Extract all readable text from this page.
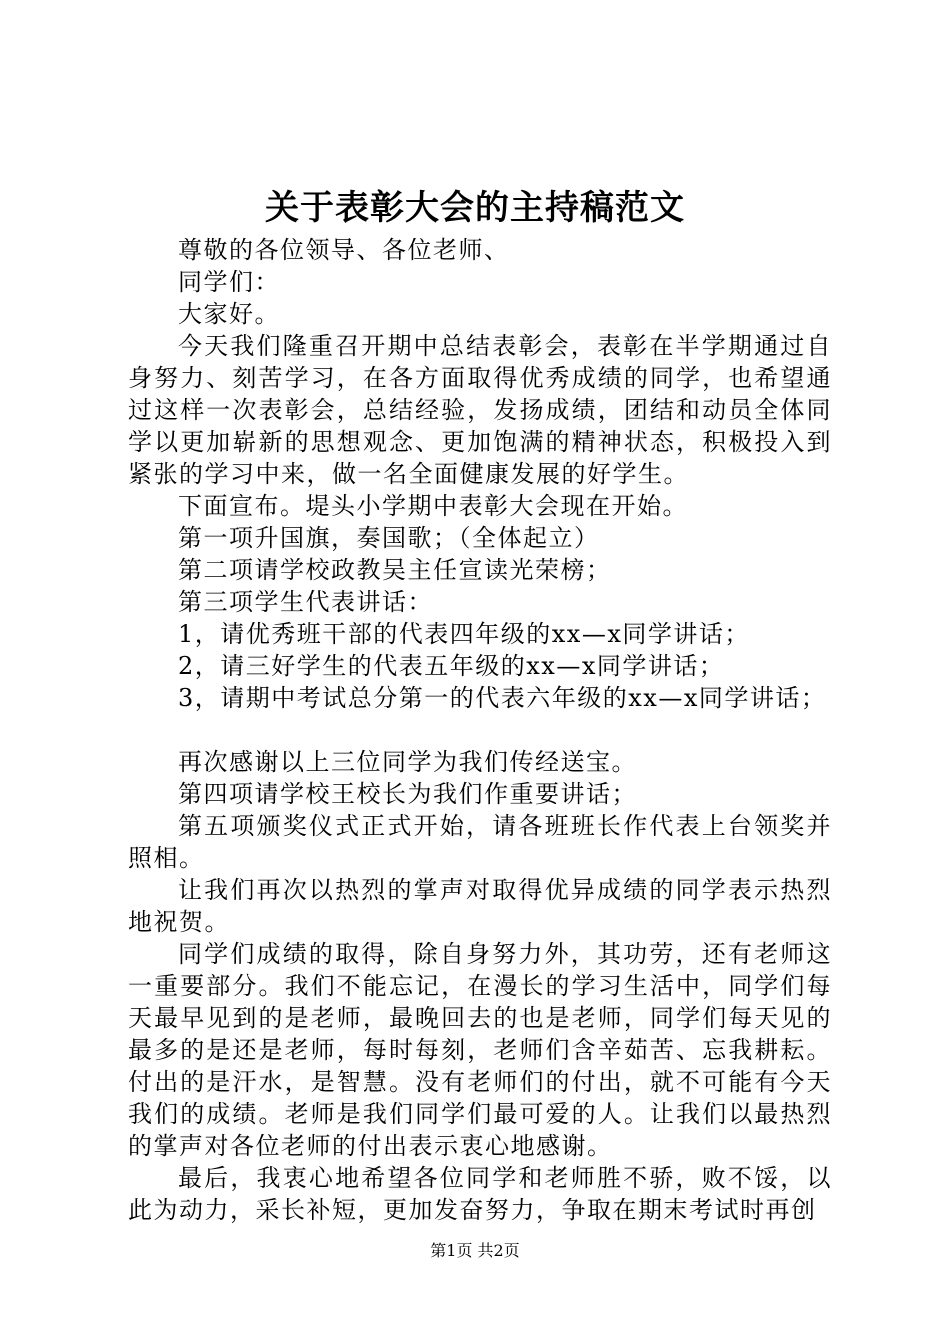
关于表彰大会的主持稿范文

尊敬的各位领导、各位老师、

同学们：

大家好。

今天我们隆重召开期中总结表彰会，表彰在半学期通过自身努力、刻苦学习，在各方面取得优秀成绩的同学，也希望通过这样一次表彰会，总结经验，发扬成绩，团结和动员全体同学以更加崭新的思想观念、更加饱满的精神状态，积极投入到紧张的学习中来，做一名全面健康发展的好学生。

下面宣布。堤头小学期中表彰大会现在开始。

第一项升国旗，奏国歌；（全体起立）

第二项请学校政教吴主任宣读光荣榜；

第三项学生代表讲话：

1，请优秀班干部的代表四年级的xx—x同学讲话；

2，请三好学生的代表五年级的xx—x同学讲话；

3，请期中考试总分第一的代表六年级的xx—x同学讲话；

再次感谢以上三位同学为我们传经送宝。

第四项请学校王校长为我们作重要讲话；

第五项颁奖仪式正式开始，请各班班长作代表上台领奖并照相。

让我们再次以热烈的掌声对取得优异成绩的同学表示热烈地祝贺。

同学们成绩的取得，除自身努力外，其功劳，还有老师这一重要部分。我们不能忘记，在漫长的学习生活中，同学们每天最早见到的是老师，最晚回去的也是老师，同学们每天见的最多的是还是老师，每时每刻，老师们含辛茹苦、忘我耕耘。付出的是汗水，是智慧。没有老师们的付出，就不可能有今天我们的成绩。老师是我们同学们最可爱的人。让我们以最热烈的掌声对各位老师的付出表示衷心地感谢。

最后，我衷心地希望各位同学和老师胜不骄，败不馁，以此为动力，采长补短，更加发奋努力，争取在期末考试时再创

第1页 共2页
